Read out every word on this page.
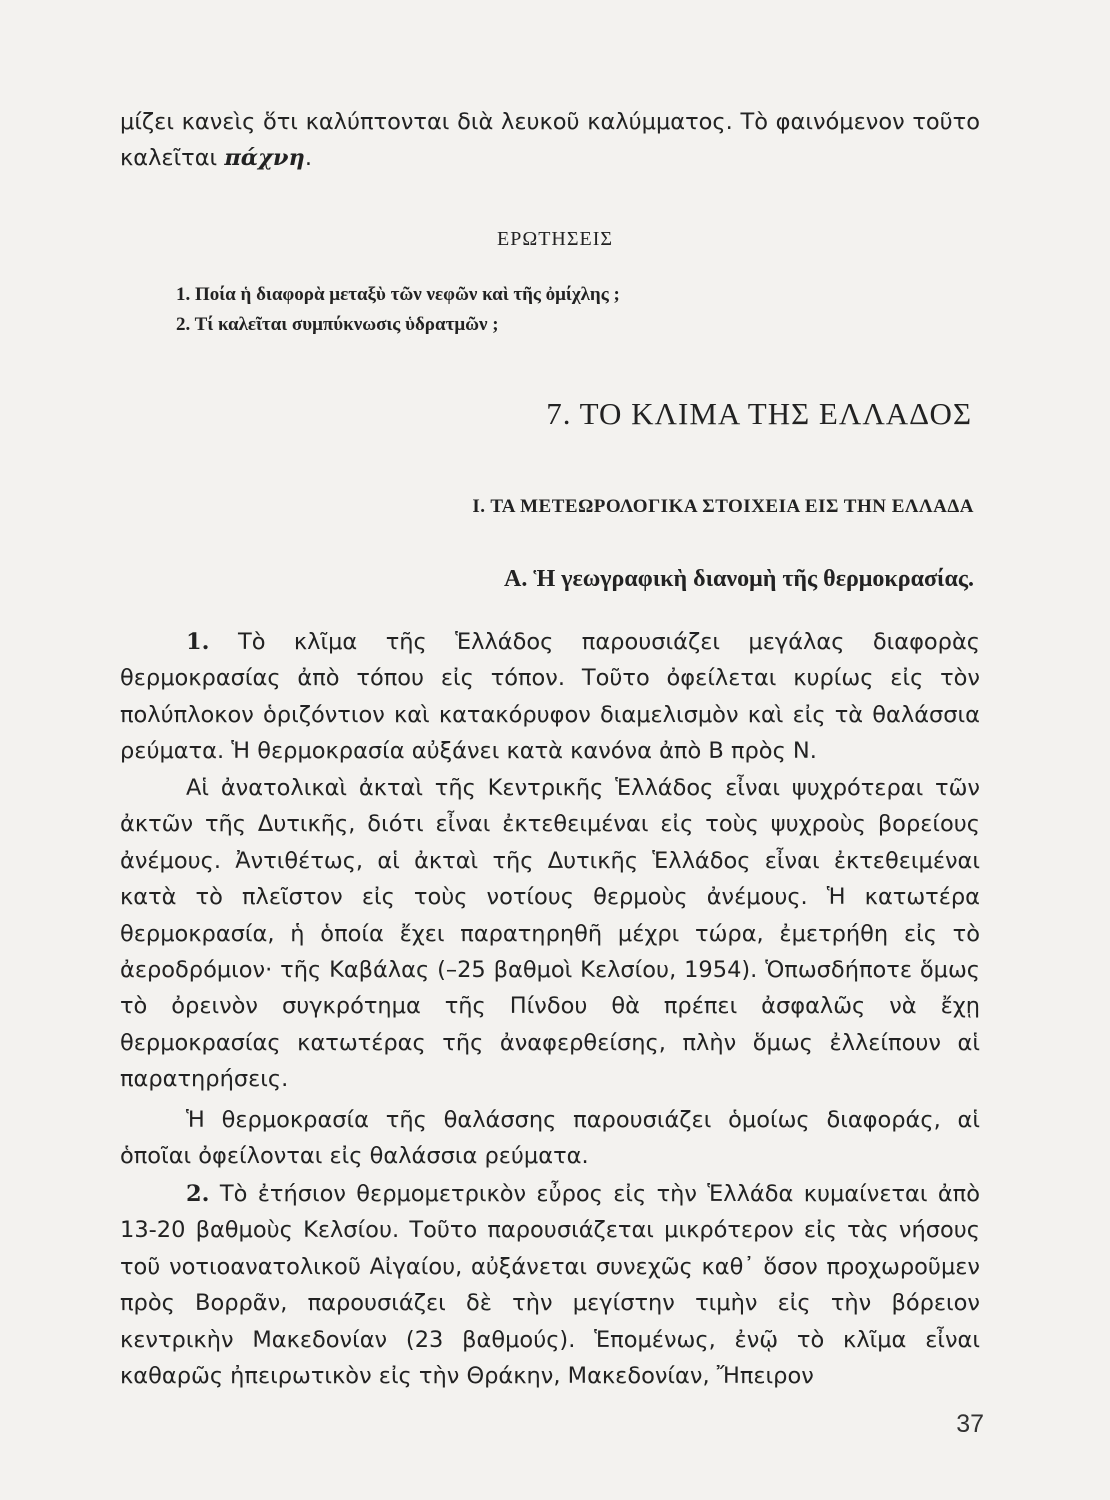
μίζει κανεὶς ὅτι καλύπτονται διὰ λευκοῦ καλύμματος. Τὸ φαινόμενον τοῦτο καλεῖται πάχνη.

ΕΡΩΤΗΣΕΙΣ
1. Ποία ἡ διαφορὰ μεταξὺ τῶν νεφῶν καὶ τῆς ὀμίχλης ;
2. Τί καλεῖται συμπύκνωσις ὑδρατμῶν ;
7. ΤΟ ΚΛΙΜΑ ΤΗΣ ΕΛΛΑΔΟΣ
Ι. ΤΑ ΜΕΤΕΩΡΟΛΟΓΙΚΑ ΣΤΟΙΧΕΙΑ ΕΙΣ ΤΗΝ ΕΛΛΑΔΑ
Α. Ἡ γεωγραφικὴ διανομὴ τῆς θερμοκρασίας.

1. Τὸ κλῖμα τῆς Ἑλλάδος παρουσιάζει μεγάλας διαφορὰς θερμοκρασίας ἀπὸ τόπου εἰς τόπον. Τοῦτο ὀφείλεται κυρίως εἰς τὸν πολύπλοκον ὁριζόντιον καὶ κατακόρυφον διαμελισμὸν καὶ εἰς τὰ θαλάσσια ρεύματα. Ἡ θερμοκρασία αὐξάνει κατὰ κανόνα ἀπὸ Β πρὸς Ν.

Αἱ ἀνατολικαὶ ἀκταὶ τῆς Κεντρικῆς Ἑλλάδος εἶναι ψυχρότεραι τῶν ἀκτῶν τῆς Δυτικῆς, διότι εἶναι ἐκτεθειμέναι εἰς τοὺς ψυχροὺς βορείους ἀνέμους. Ἀντιθέτως, αἱ ἀκταὶ τῆς Δυτικῆς Ἑλλάδος εἶναι ἐκτεθειμέναι κατὰ τὸ πλεῖστον εἰς τοὺς νοτίους θερμοὺς ἀνέμους. Ἡ κατωτέρα θερμοκρασία, ἡ ὁποία ἔχει παρατηρηθῆ μέχρι τώρα, ἐμετρήθη εἰς τὸ ἀεροδρόμιον· τῆς Καβάλας (–25 βαθμοὶ Κελσίου, 1954). Ὁπωσδήποτε ὅμως τὸ ὀρεινὸν συγκρότημα τῆς Πίνδου θὰ πρέπει ἀσφαλῶς νὰ ἔχῃ θερμοκρασίας κατωτέρας τῆς ἀναφερθείσης, πλὴν ὅμως ἐλλείπουν αἱ παρατηρήσεις.

Ἡ θερμοκρασία τῆς θαλάσσης παρουσιάζει ὁμοίως διαφοράς, αἱ ὁποῖαι ὀφείλονται εἰς θαλάσσια ρεύματα.

2. Τὸ ἐτήσιον θερμομετρικὸν εὖρος εἰς τὴν Ἑλλάδα κυμαίνεται ἀπὸ 13-20 βαθμοὺς Κελσίου. Τοῦτο παρουσιάζεται μικρότερον εἰς τὰς νήσους τοῦ νοτιοανατολικοῦ Αἰγαίου, αὐξάνεται συνεχῶς καθ᾽ ὅσον προχωροῦμεν πρὸς Βορρᾶν, παρουσιάζει δὲ τὴν μεγίστην τιμὴν εἰς τὴν βόρειον κεντρικὴν Μακεδονίαν (23 βαθμούς). Ἑπομένως, ἐνῷ τὸ κλῖμα εἶναι καθαρῶς ἠπειρωτικὸν εἰς τὴν Θράκην, Μακεδονίαν, Ἤπειρον

37
